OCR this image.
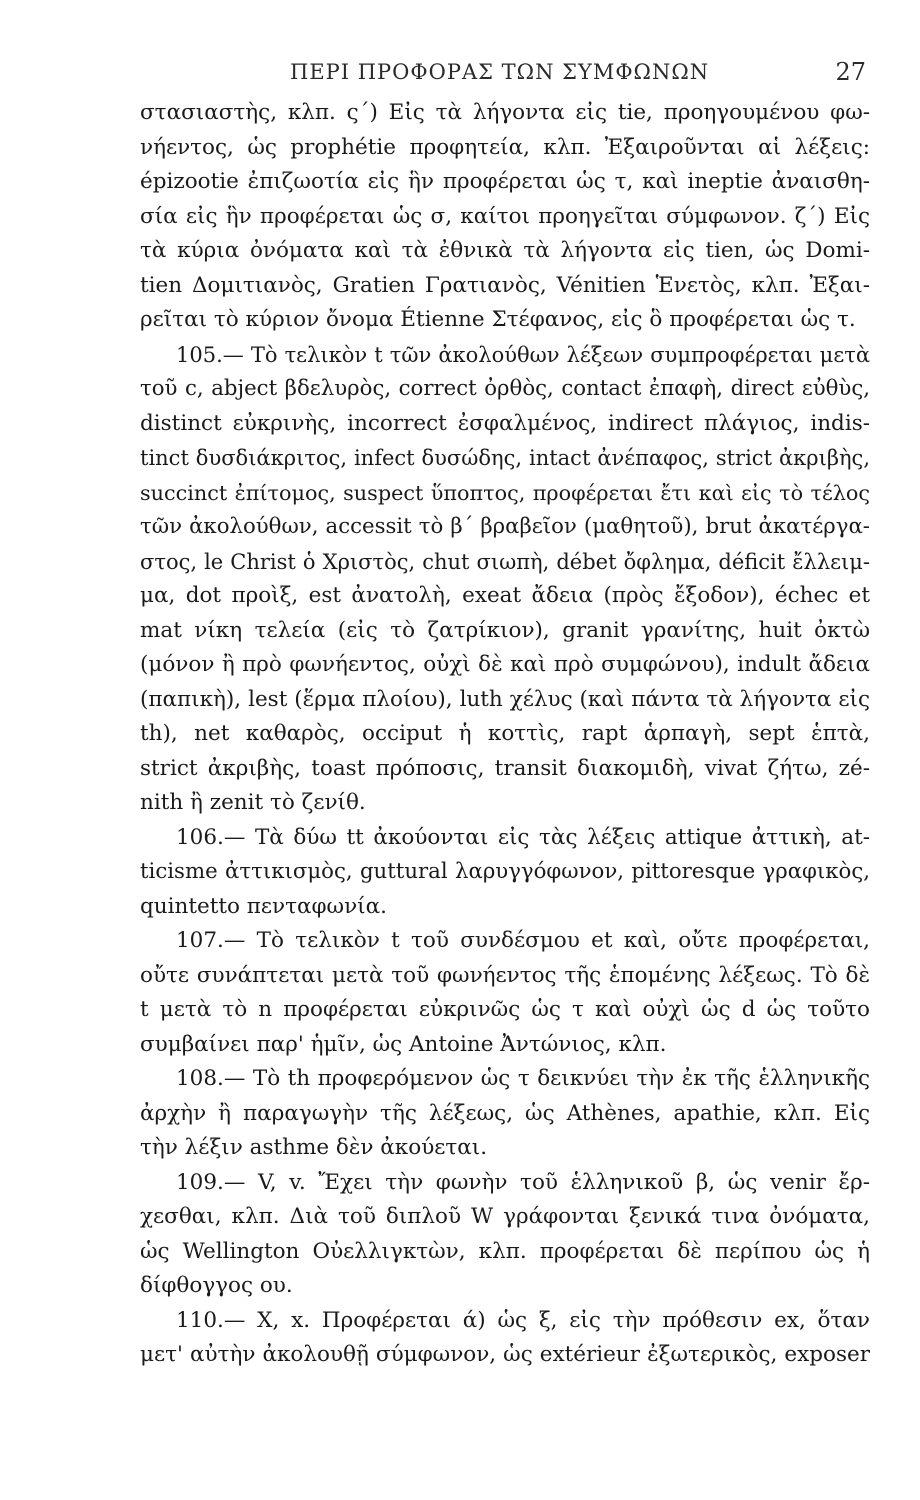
ΠΕΡΙ ΠΡΟΦΟΡΑΣ ΤΩΝ ΣΥΜΦΩΝΩΝ	27
στασιαστὴς, κλπ. ς΄) Εἰς τὰ λήγοντα εἰς tie, προηγουμένου φω-
νήεντος, ὡς prophétie προφητεία, κλπ. Ἐξαιροῦνται αἱ λέξεις:
épizootie ἐπιζωοτία εἰς ἣν προφέρεται ὡς τ, καὶ ineptie ἀναισθη-
σία εἰς ἣν προφέρεται ὡς σ, καίτοι προηγεῖται σύμφωνον. ζ΄) Εἰς
τὰ κύρια ὀνόματα καὶ τὰ ἐθνικὰ τὰ λήγοντα εἰς tien, ὡς Domi-
tien Δομιτιανὸς, Gratien Γρατιανὸς, Vénitien Ἑνετὸς, κλπ. Ἐξαι-
ρεῖται τὸ κύριον ὄνομα Étienne Στέφανος, εἰς ὃ προφέρεται ὡς τ.
105.— Τὸ τελικὸν t τῶν ἀκολούθων λέξεων συμπροφέρεται μετὰ
τοῦ c, abject βδελυρὸς, correct ὀρθὸς, contact ἐπαφὴ, direct εὐθὺς,
distinct εὐκρινὴς, incorrect ἐσφαλμένος, indirect πλάγιος, indis-
tinct δυσδιάκριτος, infect δυσώδης, intact ἀνέπαφος, strict ἀκριβὴς,
succinct ἐπίτομος, suspect ὕποπτος, προφέρεται ἔτι καὶ εἰς τὸ τέλος
τῶν ἀκολούθων, accessit τὸ β΄ βραβεῖον (μαθητοῦ), brut ἀκατέργα-
στος, le Christ ὁ Χριστὸς, chut σιωπὴ, débet ὄφλημα, déficit ἔλλειμ-
μα, dot προὶξ, est ἀνατολὴ, exeat ἄδεια (πρὸς ἔξοδον), échec et
mat νίκη τελεία (εἰς τὸ ζατρίκιον), granit γρανίτης, huit ὀκτὼ
(μόνον ἢ πρὸ φωνήεντος, οὐχὶ δὲ καὶ πρὸ συμφώνου), indult ἄδεια
(παπικὴ), lest (ἕρμα πλοίου), luth χέλυς (καὶ πάντα τὰ λήγοντα εἰς
th), net καθαρὸς, occiput ἡ κοττὶς, rapt ἁρπαγὴ, sept ἑπτὰ,
strict ἀκριβὴς, toast πρόποσις, transit διακομιδὴ, vivat ζήτω, zé-
nith ἢ zenit τὸ ζενίθ.
106.— Τὰ δύω tt ἀκούονται εἰς τὰς λέξεις attique ἀττικὴ, at-
ticisme ἀττικισμὸς, guttural λαρυγγόφωνον, pittoresque γραφικὸς,
quintetto πενταφωνία.
107.— Τὸ τελικὸν t τοῦ συνδέσμου et καὶ, οὔτε προφέρεται,
οὔτε συνάπτεται μετὰ τοῦ φωνήεντος τῆς ἑπομένης λέξεως. Τὸ δὲ
t μετὰ τὸ n προφέρεται εὐκρινῶς ὡς τ καὶ οὐχὶ ὡς d ὡς τοῦτο
συμβαίνει παρ' ἡμῖν, ὡς Antoine Ἀντώνιος, κλπ.
108.— Τὸ th προφερόμενον ὡς τ δεικνύει τὴν ἐκ τῆς ἑλληνικῆς
ἀρχὴν ἢ παραγωγὴν τῆς λέξεως, ὡς Athènes, apathie, κλπ. Εἰς
τὴν λέξιν asthme δὲν ἀκούεται.
109.— V, v. Ἔχει τὴν φωνὴν τοῦ ἑλληνικοῦ β, ὡς venir ἔρ-
χεσθαι, κλπ. Διὰ τοῦ διπλοῦ W γράφονται ξενικά τινα ὀνόματα,
ὡς Wellington Οὐελλιγκτὼν, κλπ. προφέρεται δὲ περίπου ὡς ἡ
δίφθογγος ου.
110.— X, x. Προφέρεται ά) ὡς ξ, εἰς τὴν πρόθεσιν ex, ὅταν
μετ' αὐτὴν ἀκολουθῇ σύμφωνον, ὡς extérieur ἐξωτερικὸς, exposer
